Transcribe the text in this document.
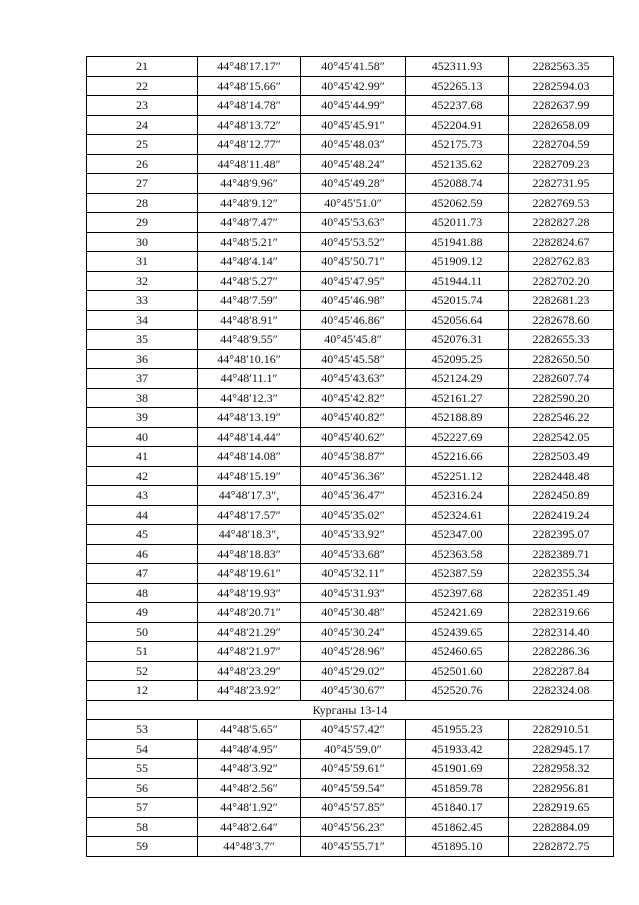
21	44°48′17.17″	40°45′41.58″	452311.93	2282563.35
22	44°48′15.66″	40°45′42.99″	452265.13	2282594.03
23	44°48′14.78″	40°45′44.99″	452237.68	2282637.99
24	44°48′13.72″	40°45′45.91″	452204.91	2282658.09
25	44°48′12.77″	40°45′48.03″	452175.73	2282704.59
26	44°48′11.48″	40°45′48.24″	452135.62	2282709.23
27	44°48′9.96″	40°45′49.28″	452088.74	2282731.95
28	44°48′9.12″	40°45′51.0″	452062.59	2282769.53
29	44°48′7.47″	40°45′53.63″	452011.73	2282827.28
30	44°48′5.21″	40°45′53.52″	451941.88	2282824.67
31	44°48′4.14″	40°45′50.71″	451909.12	2282762.83
32	44°48′5.27″	40°45′47.95″	451944.11	2282702.20
33	44°48′7.59″	40°45′46.98″	452015.74	2282681.23
34	44°48′8.91″	40°45′46.86″	452056.64	2282678.60
35	44°48′9.55″	40°45′45.8″	452076.31	2282655.33
36	44°48′10.16″	40°45′45.58″	452095.25	2282650.50
37	44°48′11.1″	40°45′43.63″	452124.29	2282607.74
38	44°48′12.3″	40°45′42.82″	452161.27	2282590.20
39	44°48′13.19″	40°45′40.82″	452188.89	2282546.22
40	44°48′14.44″	40°45′40.62″	452227.69	2282542.05
41	44°48′14.08″	40°45′38.87″	452216.66	2282503.49
42	44°48′15.19″	40°45′36.36″	452251.12	2282448.48
43	44°48′17.3″,	40°45′36.47″	452316.24	2282450.89
44	44°48′17.57″	40°45′35.02″	452324.61	2282419.24
45	44°48′18.3″,	40°45′33.92″	452347.00	2282395.07
46	44°48′18.83″	40°45′33.68″	452363.58	2282389.71
47	44°48′19.61″	40°45′32.11″	452387.59	2282355.34
48	44°48′19.93″	40°45′31.93″	452397.68	2282351.49
49	44°48′20.71″	40°45′30.48″	452421.69	2282319.66
50	44°48′21.29″	40°45′30.24″	452439.65	2282314.40
51	44°48′21.97″	40°45′28.96″	452460.65	2282286.36
52	44°48′23.29″	40°45′29.02″	452501.60	2282287.84
12	44°48′23.92″	40°45′30.67″	452520.76	2282324.08
Курганы 13-14				
53	44°48′5.65″	40°45′57.42″	451955.23	2282910.51
54	44°48′4.95″	40°45′59.0″	451933.42	2282945.17
55	44°48′3.92″	40°45′59.61″	451901.69	2282958.32
56	44°48′2.56″	40°45′59.54″	451859.78	2282956.81
57	44°48′1.92″	40°45′57.85″	451840.17	2282919.65
58	44°48′2.64″	40°45′56.23″	451862.45	2282884.09
59	44°48′3.7″	40°45′55.71″	451895.10	2282872.75
